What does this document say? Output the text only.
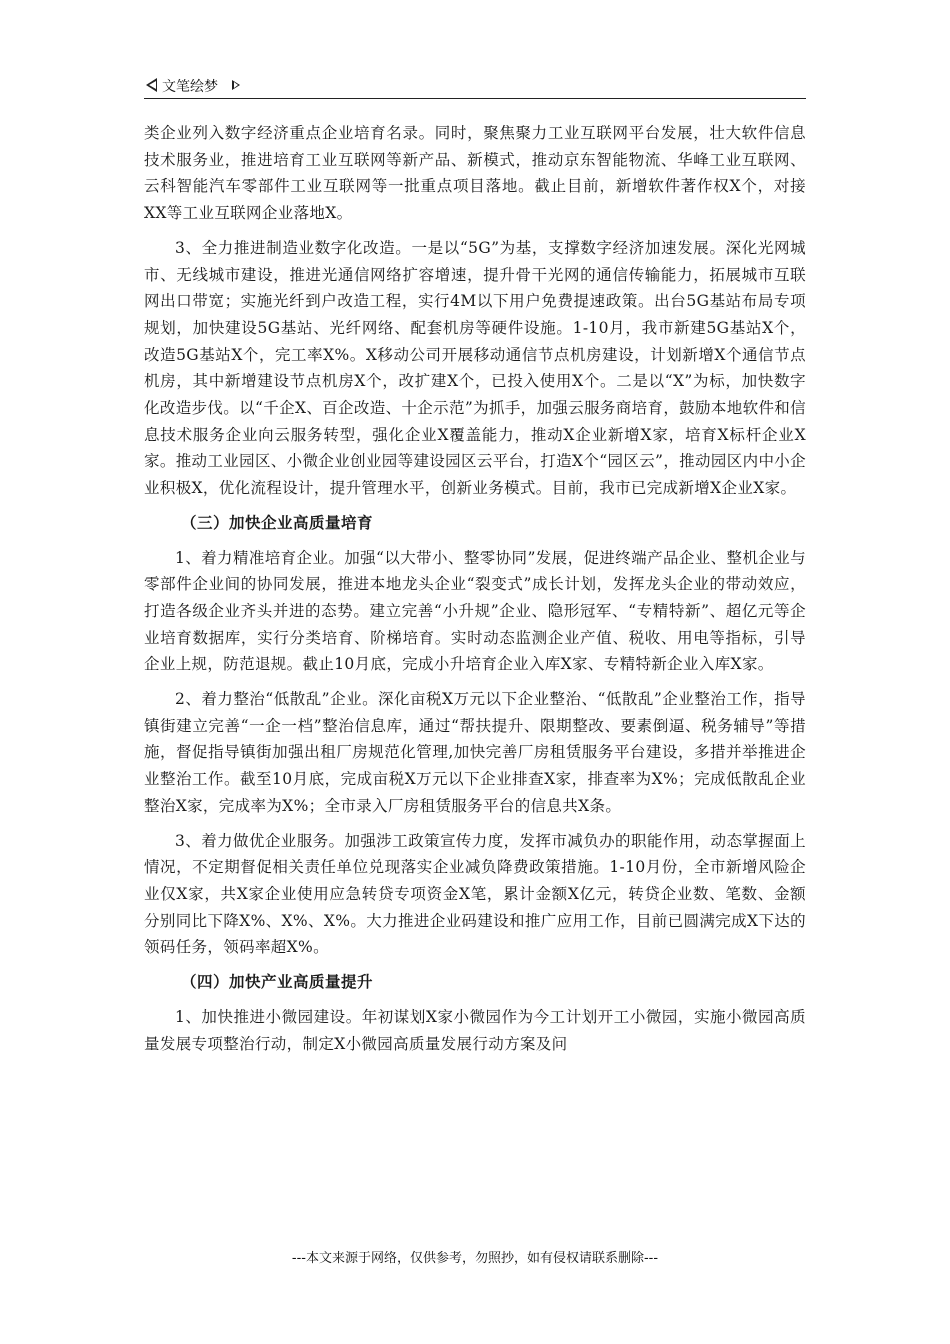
文笔绘梦

类企业列入数字经济重点企业培育名录。同时，聚焦聚力工业互联网平台发展，壮大软件信息技术服务业，推进培育工业互联网等新产品、新模式，推动京东智能物流、华峰工业互联网、云科智能汽车零部件工业互联网等一批重点项目落地。截止目前，新增软件著作权X个，对接XX等工业互联网企业落地X。

3、全力推进制造业数字化改造。一是以“5G”为基，支撑数字经济加速发展。深化光网城市、无线城市建设，推进光通信网络扩容增速，提升骨干光网的通信传输能力，拓展城市互联网出口带宽；实施光纤到户改造工程，实行4M以下用户免费提速政策。出台5G基站布局专项规划，加快建设5G基站、光纤网络、配套机房等硬件设施。1-10月，我市新建5G基站X个，改造5G基站X个，完工率X%。X移动公司开展移动通信节点机房建设，计划新增X个通信节点机房，其中新增建设节点机房X个，改扩建X个，已投入使用X个。二是以“X”为标，加快数字化改造步伐。以“千企X、百企改造、十企示范”为抓手，加强云服务商培育，鼓励本地软件和信息技术服务企业向云服务转型，强化企业X覆盖能力，推动X企业新增X家，培育X标杆企业X家。推动工业园区、小微企业创业园等建设园区云平台，打造X个“园区云”，推动园区内中小企业积极X，优化流程设计，提升管理水平，创新业务模式。目前，我市已完成新增X企业X家。

（三）加快企业高质量培育

1、着力精准培育企业。加强“以大带小、整零协同”发展，促进终端产品企业、整机企业与零部件企业间的协同发展，推进本地龙头企业“裂变式”成长计划，发挥龙头企业的带动效应，打造各级企业齐头并进的态势。建立完善“小升规”企业、隐形冠军、“专精特新”、超亿元等企业培育数据库，实行分类培育、阶梯培育。实时动态监测企业产值、税收、用电等指标，引导企业上规，防范退规。截止10月底，完成小升培育企业入库X家、专精特新企业入库X家。

2、着力整治“低散乱”企业。深化亩税X万元以下企业整治、“低散乱”企业整治工作，指导镇街建立完善“一企一档”整治信息库，通过“帮扶提升、限期整改、要素倒逼、税务辅导”等措施，督促指导镇街加强出租厂房规范化管理,加快完善厂房租赁服务平台建设，多措并举推进企业整治工作。截至10月底，完成亩税X万元以下企业排查X家，排查率为X%；完成低散乱企业整治X家，完成率为X%；全市录入厂房租赁服务平台的信息共X条。

3、着力做优企业服务。加强涉工政策宣传力度，发挥市减负办的职能作用，动态掌握面上情况，不定期督促相关责任单位兑现落实企业减负降费政策措施。1-10月份，全市新增风险企业仅X家，共X家企业使用应急转贷专项资金X笔，累计金额X亿元，转贷企业数、笔数、金额分别同比下降X%、X%、X%。大力推进企业码建设和推广应用工作，目前已圆满完成X下达的领码任务，领码率超X%。

（四）加快产业高质量提升

1、加快推进小微园建设。年初谋划X家小微园作为今工计划开工小微园，实施小微园高质量发展专项整治行动，制定X小微园高质量发展行动方案及问

---本文来源于网络，仅供参考，勿照抄，如有侵权请联系删除---
